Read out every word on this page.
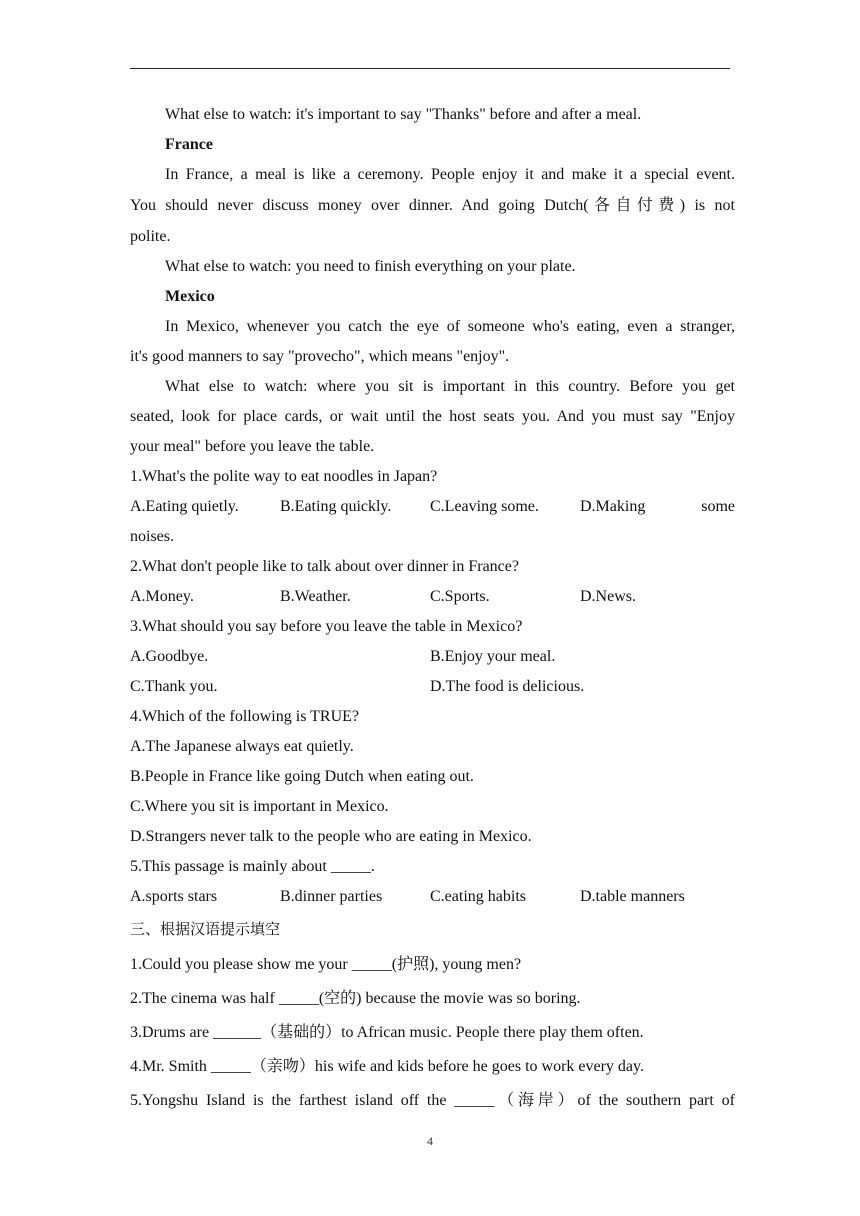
What else to watch: it's important to say "Thanks" before and after a meal.
France
In France, a meal is like a ceremony. People enjoy it and make it a special event.
You should never discuss money over dinner. And going Dutch(各自付费) is not
polite.
What else to watch: you need to finish everything on your plate.
Mexico
In Mexico, whenever you catch the eye of someone who's eating, even a stranger,
it's good manners to say "provecho", which means "enjoy".
What else to watch: where you sit is important in this country. Before you get
seated, look for place cards, or wait until the host seats you. And you must say "Enjoy
your meal" before you leave the table.
1.What's the polite way to eat noodles in Japan?
A.Eating quietly.	B.Eating quickly.	C.Leaving some.	D.Making some
noises.
2.What don't people like to talk about over dinner in France?
A.Money.	B.Weather.	C.Sports.	D.News.
3.What should you say before you leave the table in Mexico?
A.Goodbye.	B.Enjoy your meal.
C.Thank you.	D.The food is delicious.
4.Which of the following is TRUE?
A.The Japanese always eat quietly.
B.People in France like going Dutch when eating out.
C.Where you sit is important in Mexico.
D.Strangers never talk to the people who are eating in Mexico.
5.This passage is mainly about _____.
A.sports stars	B.dinner parties	C.eating habits	D.table manners
三、根据汉语提示填空
1.Could you please show me your _____(护照), young men?
2.The cinema was half _____(空的) because the movie was so boring.
3.Drums are ______（基础的）to African music. People there play them often.
4.Mr. Smith _____（亲吻）his wife and kids before he goes to work every day.
5.Yongshu Island is the farthest island off the _____（海岸）of the southern part of
4
